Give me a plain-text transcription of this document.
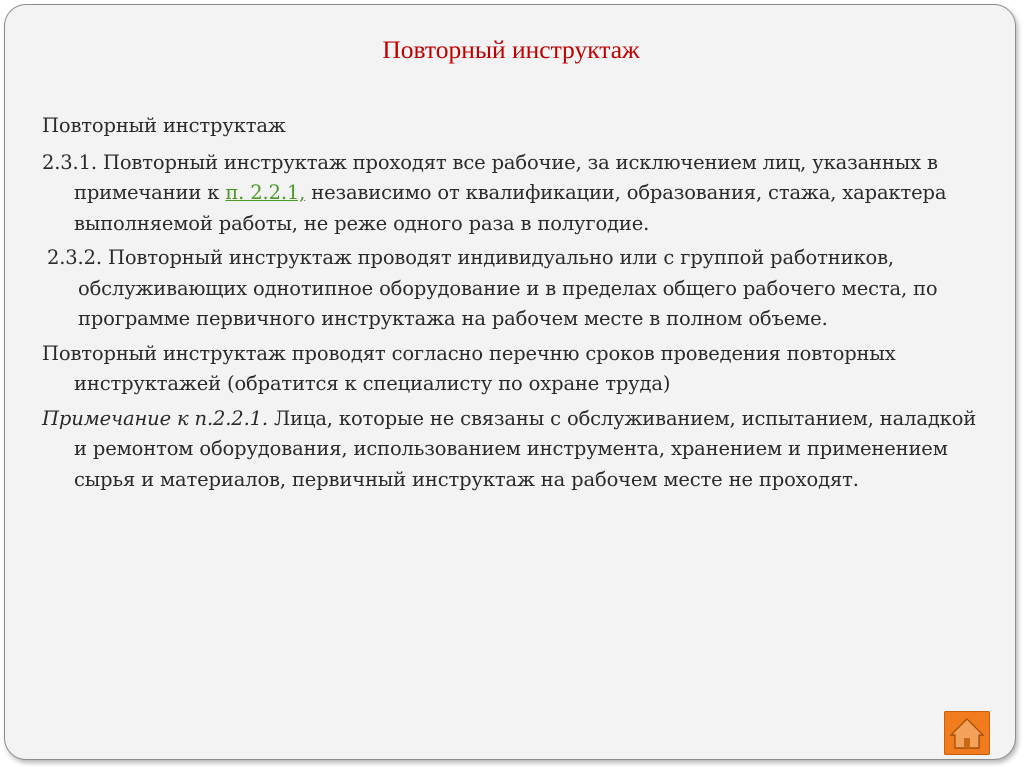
Повторный инструктаж

Повторный инструктаж

2.3.1. Повторный инструктаж проходят все рабочие, за исключением лиц, указанных в примечании к п. 2.2.1, независимо от квалификации, образования, стажа, характера выполняемой работы, не реже одного раза в полугодие.

2.3.2. Повторный инструктаж проводят индивидуально или с группой работников, обслуживающих однотипное оборудование и в пределах общего рабочего места, по программе первичного инструктажа на рабочем месте в полном объеме.

Повторный инструктаж проводят согласно перечню сроков проведения повторных инструктажей (обратится к специалисту по охране труда)

Примечание к п.2.2.1. Лица, которые не связаны с обслуживанием, испытанием, наладкой и ремонтом оборудования, использованием инструмента, хранением и применением сырья и материалов, первичный инструктаж на рабочем месте не проходят.
